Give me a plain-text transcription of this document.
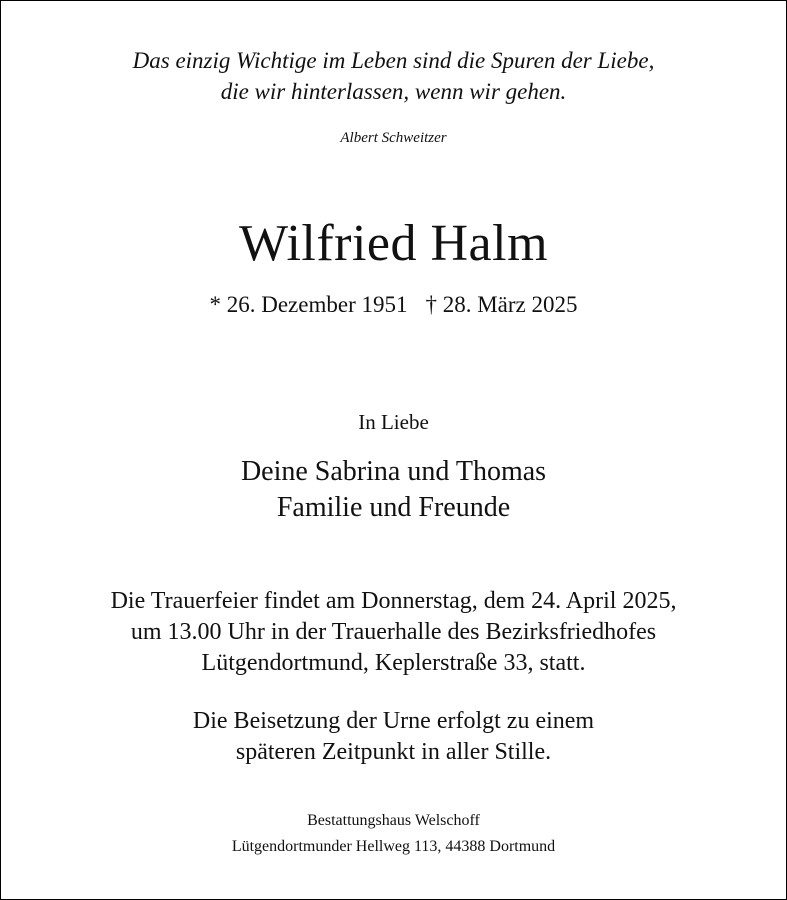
Das einzig Wichtige im Leben sind die Spuren der Liebe,
die wir hinterlassen, wenn wir gehen.
Albert Schweitzer
Wilfried Halm
* 26. Dezember 1951 † 28. März 2025
In Liebe
Deine Sabrina und Thomas
Familie und Freunde
Die Trauerfeier findet am Donnerstag, dem 24. April 2025,
um 13.00 Uhr in der Trauerhalle des Bezirksfriedhofes
Lütgendortmund, Keplerstraße 33, statt.
Die Beisetzung der Urne erfolgt zu einem
späteren Zeitpunkt in aller Stille.
Bestattungshaus Welschoff
Lütgendortmunder Hellweg 113, 44388 Dortmund
